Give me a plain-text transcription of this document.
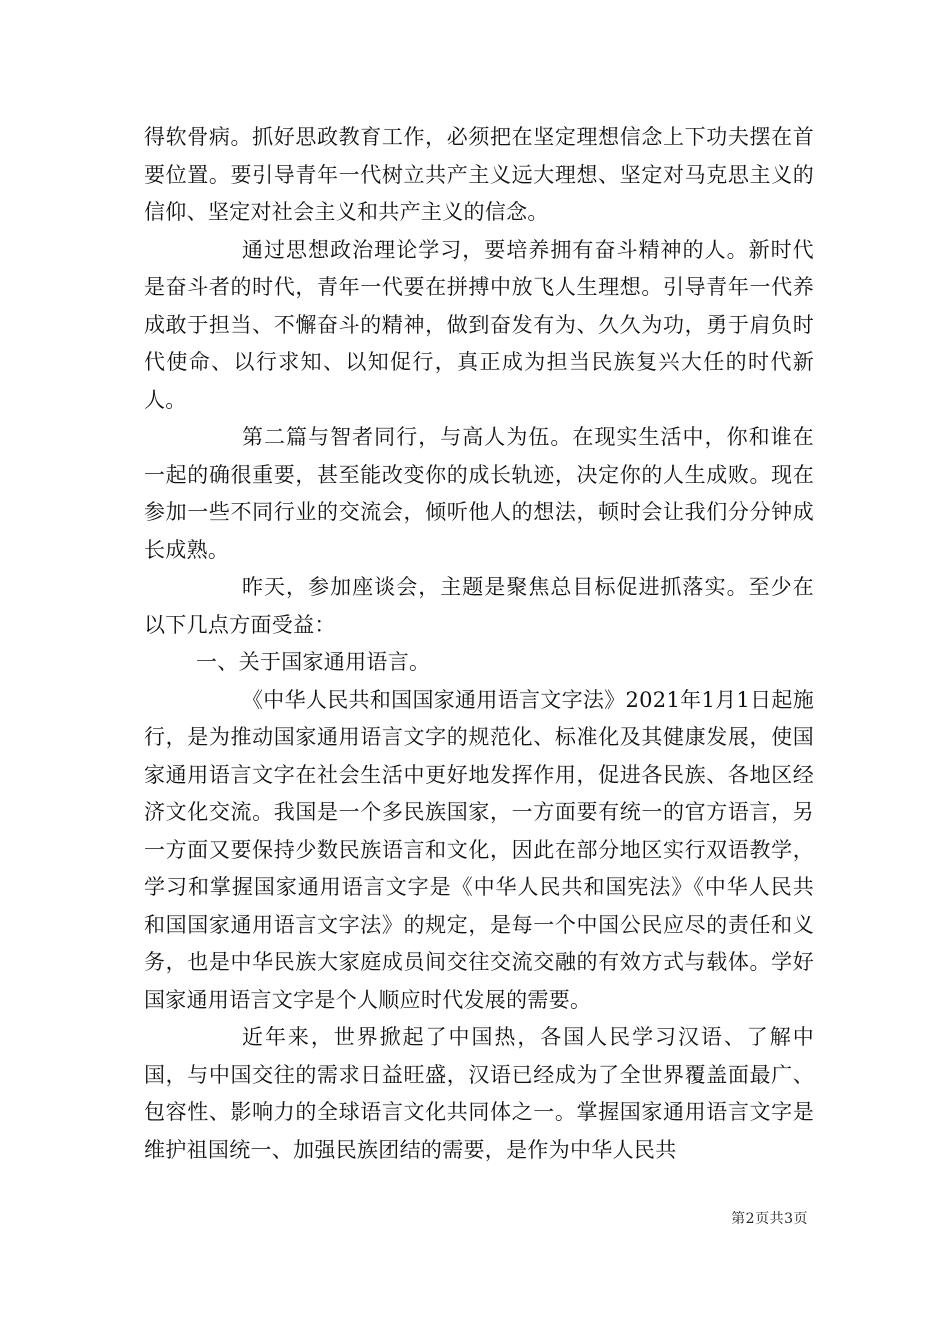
得软骨病。抓好思政教育工作，必须把在坚定理想信念上下功夫摆在首要位置。要引导青年一代树立共产主义远大理想、坚定对马克思主义的信仰、坚定对社会主义和共产主义的信念。

通过思想政治理论学习，要培养拥有奋斗精神的人。新时代是奋斗者的时代，青年一代要在拼搏中放飞人生理想。引导青年一代养成敢于担当、不懈奋斗的精神，做到奋发有为、久久为功，勇于肩负时代使命、以行求知、以知促行，真正成为担当民族复兴大任的时代新人。

第二篇与智者同行，与高人为伍。在现实生活中，你和谁在一起的确很重要，甚至能改变你的成长轨迹，决定你的人生成败。现在参加一些不同行业的交流会，倾听他人的想法，顿时会让我们分分钟成长成熟。

昨天，参加座谈会，主题是聚焦总目标促进抓落实。至少在以下几点方面受益：

一、关于国家通用语言。

《中华人民共和国国家通用语言文字法》2021年1月1日起施行，是为推动国家通用语言文字的规范化、标准化及其健康发展，使国家通用语言文字在社会生活中更好地发挥作用，促进各民族、各地区经济文化交流。我国是一个多民族国家，一方面要有统一的官方语言，另一方面又要保持少数民族语言和文化，因此在部分地区实行双语教学，学习和掌握国家通用语言文字是《中华人民共和国宪法》《中华人民共和国国家通用语言文字法》的规定，是每一个中国公民应尽的责任和义务，也是中华民族大家庭成员间交往交流交融的有效方式与载体。学好国家通用语言文字是个人顺应时代发展的需要。

近年来，世界掀起了中国热，各国人民学习汉语、了解中国，与中国交往的需求日益旺盛，汉语已经成为了全世界覆盖面最广、包容性、影响力的全球语言文化共同体之一。掌握国家通用语言文字是维护祖国统一、加强民族团结的需要，是作为中华人民共

第2页共3页
